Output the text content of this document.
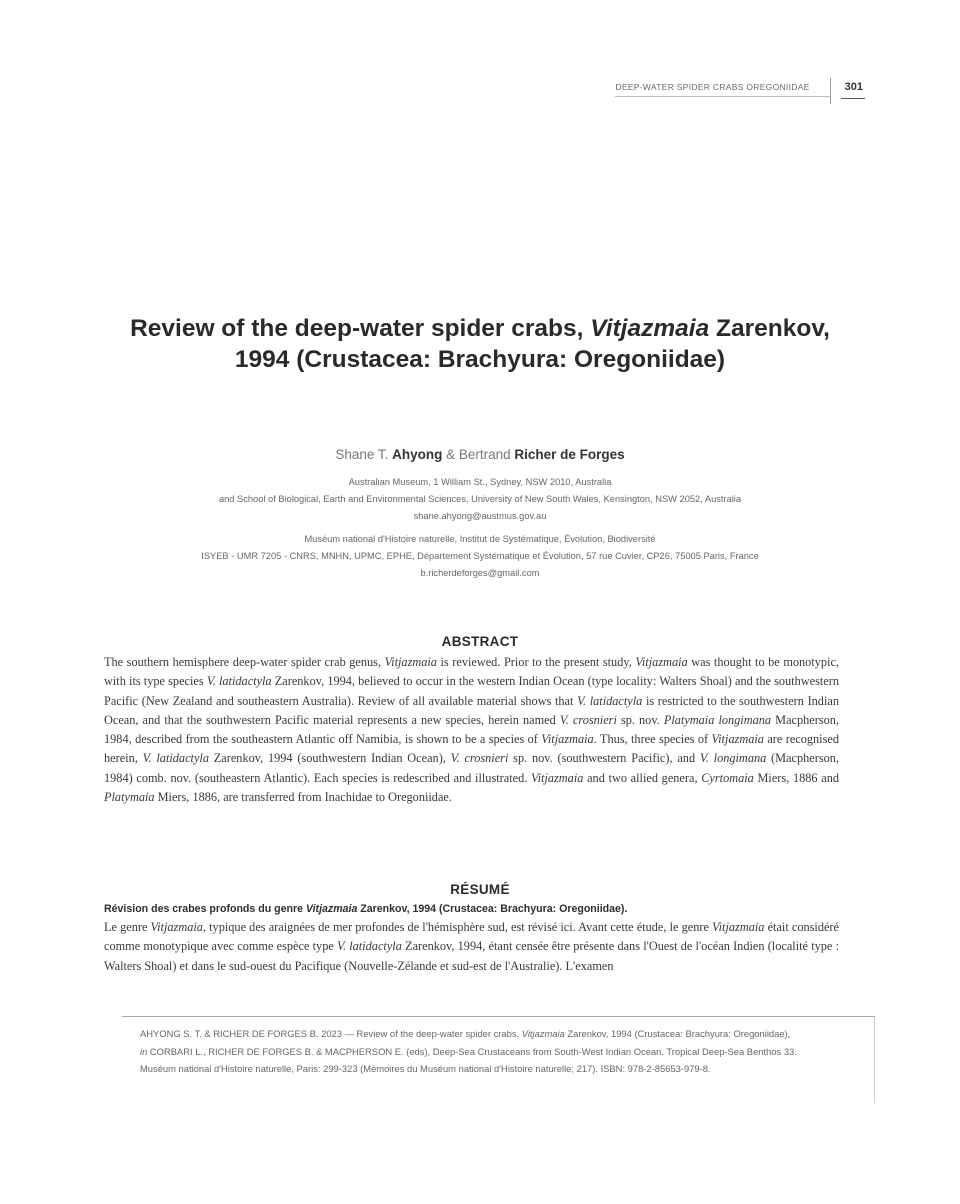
DEEP-WATER SPIDER CRABS OREGONIIDAE	301
Review of the deep-water spider crabs, Vitjazmaia Zarenkov,
1994 (Crustacea: Brachyura: Oregoniidae)
Shane T. Ahyong & Bertrand Richer de Forges
Australian Museum, 1 William St., Sydney, NSW 2010, Australia
and School of Biological, Earth and Environmental Sciences, University of New South Wales, Kensington, NSW 2052, Australia
shane.ahyong@austmus.gov.au
Muséum national d'Histoire naturelle, Institut de Systématique, Évolution, Biodiversité
ISYEB - UMR 7205 - CNRS, MNHN, UPMC, EPHE, Département Systématique et Évolution, 57 rue Cuvier, CP26, 75005 Paris, France
b.richerdeforges@gmail.com
ABSTRACT

The southern hemisphere deep-water spider crab genus, Vitjazmaia is reviewed. Prior to the present study, Vitjazmaia was thought to be monotypic, with its type species V. latidactyla Zarenkov, 1994, believed to occur in the western Indian Ocean (type locality: Walters Shoal) and the southwestern Pacific (New Zealand and southeastern Australia). Review of all available material shows that V. latidactyla is restricted to the southwestern Indian Ocean, and that the southwestern Pacific material represents a new species, herein named V. crosnieri sp. nov. Platymaia longimana Macpherson, 1984, described from the southeastern Atlantic off Namibia, is shown to be a species of Vitjazmaia. Thus, three species of Vitjazmaia are recognised herein, V. latidactyla Zarenkov, 1994 (southwestern Indian Ocean), V. crosnieri sp. nov. (southwestern Pacific), and V. longimana (Macpherson, 1984) comb. nov. (southeastern Atlantic). Each species is redescribed and illustrated. Vitjazmaia and two allied genera, Cyrtomaia Miers, 1886 and Platymaia Miers, 1886, are transferred from Inachidae to Oregoniidae.

RÉSUMÉ
Révision des crabes profonds du genre Vitjazmaia Zarenkov, 1994 (Crustacea: Brachyura: Oregoniidae).

Le genre Vitjazmaia, typique des araignées de mer profondes de l'hémisphère sud, est révisé ici. Avant cette étude, le genre Vitjazmaia était considéré comme monotypique avec comme espèce type V. latidactyla Zarenkov, 1994, étant censée être présente dans l'Ouest de l'océan Indien (localité type : Walters Shoal) et dans le sud-ouest du Pacifique (Nouvelle-Zélande et sud-est de l'Australie). L'examen

AHYONG S. T. & RICHER DE FORGES B. 2023 — Review of the deep-water spider crabs, Vitjazmaia Zarenkov, 1994 (Crustacea: Brachyura: Oregoniidae),

in CORBARI L., RICHER DE FORGES B. & MACPHERSON E. (eds), Deep-Sea Crustaceans from South-West Indian Ocean. Tropical Deep-Sea Benthos 33.

Muséum national d'Histoire naturelle, Paris: 299-323 (Mémoires du Muséum national d'Histoire naturelle; 217). ISBN: 978-2-85653-979-8.
